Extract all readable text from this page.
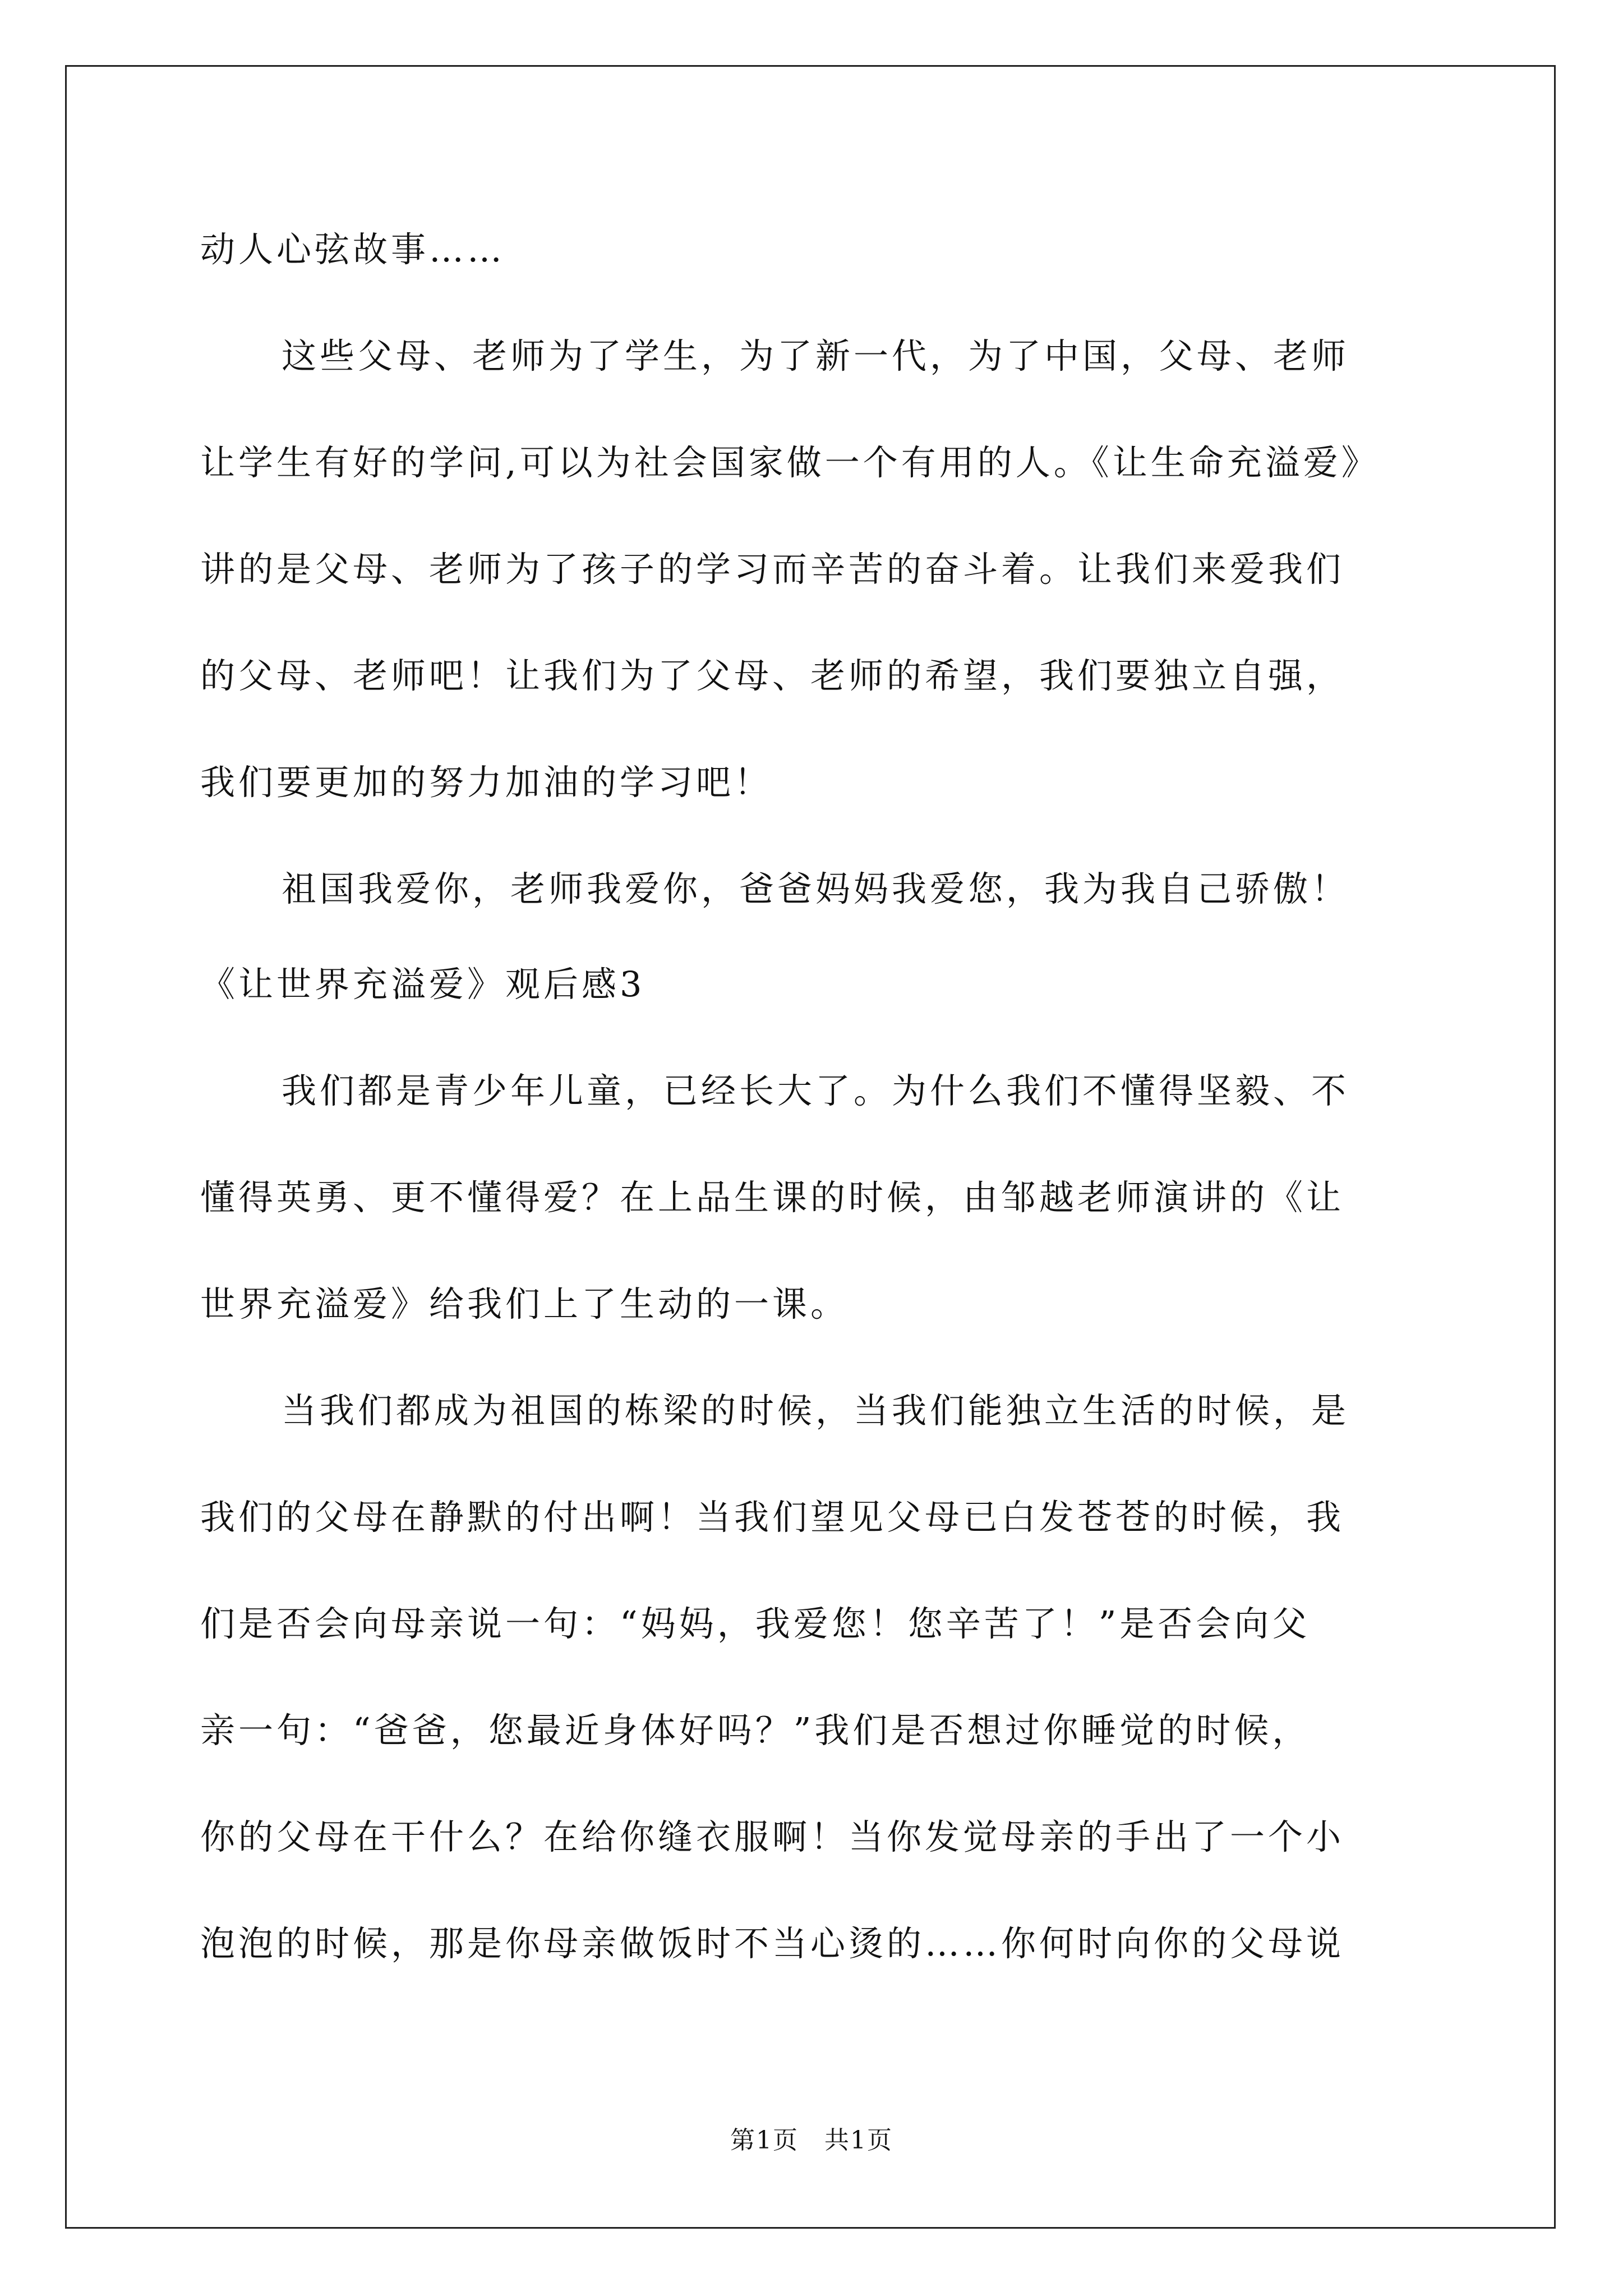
动人心弦故事……
这些父母、老师为了学生，为了新一代，为了中国，父母、老师
让学生有好的学问,可以为社会国家做一个有用的人。《让生命充溢爱》
讲的是父母、老师为了孩子的学习而辛苦的奋斗着。让我们来爱我们
的父母、老师吧！让我们为了父母、老师的希望，我们要独立自强，
我们要更加的努力加油的学习吧！
祖国我爱你，老师我爱你，爸爸妈妈我爱您，我为我自己骄傲！
《让世界充溢爱》观后感3
我们都是青少年儿童，已经长大了。为什么我们不懂得坚毅、不
懂得英勇、更不懂得爱？在上品生课的时候，由邹越老师演讲的《让
世界充溢爱》给我们上了生动的一课。
当我们都成为祖国的栋梁的时候，当我们能独立生活的时候，是
我们的父母在静默的付出啊！当我们望见父母已白发苍苍的时候，我
们是否会向母亲说一句：“妈妈，我爱您！您辛苦了！”是否会向父
亲一句：“爸爸，您最近身体好吗？”我们是否想过你睡觉的时候，
你的父母在干什么？在给你缝衣服啊！当你发觉母亲的手出了一个小
泡泡的时候，那是你母亲做饭时不当心烫的……你何时向你的父母说
第1页　共1页
